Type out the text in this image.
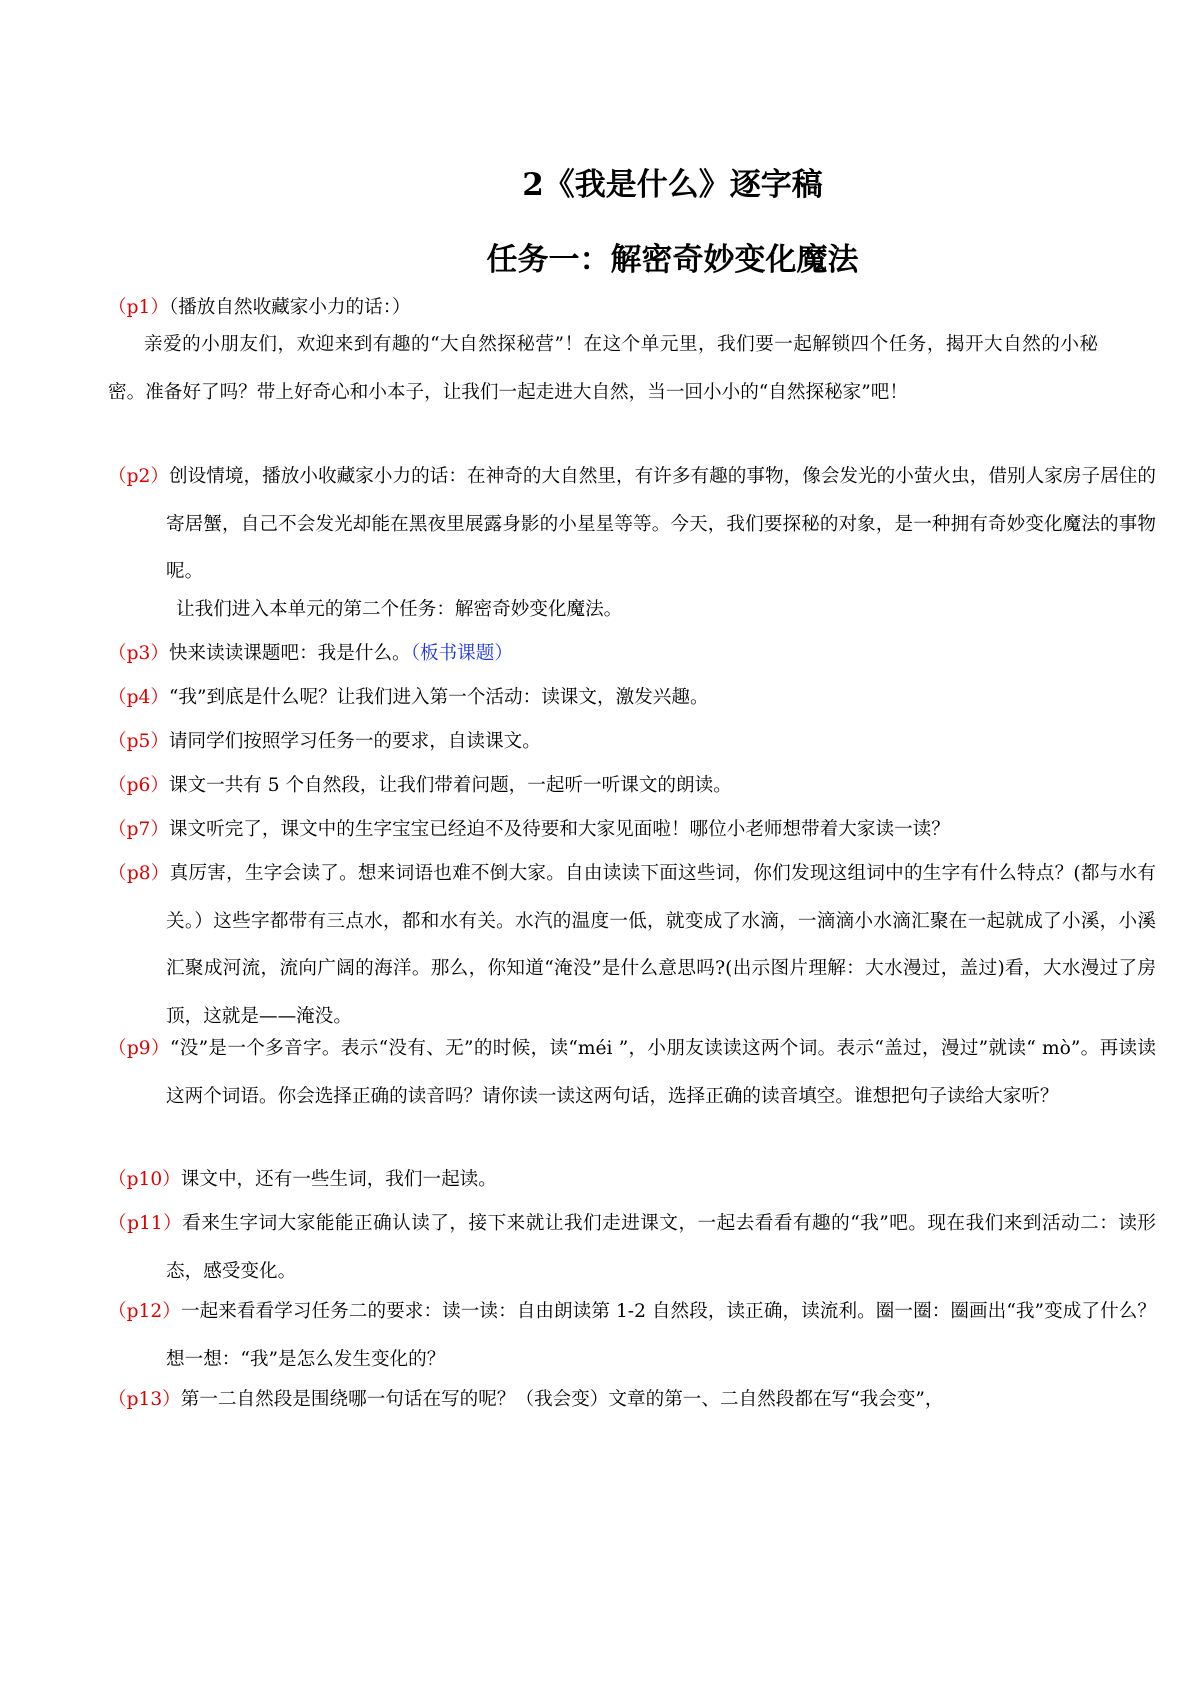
2《我是什么》逐字稿
任务一：解密奇妙变化魔法
（p1）（播放自然收藏家小力的话：）
亲爱的小朋友们，欢迎来到有趣的“大自然探秘营”！在这个单元里，我们要一起解锁四个任务，揭开大自然的小秘密。准备好了吗？带上好奇心和小本子，让我们一起走进大自然，当一回小小的“自然探秘家”吧！
（p2）创设情境，播放小收藏家小力的话：在神奇的大自然里，有许多有趣的事物，像会发光的小萤火虫，借别人家房子居住的寄居蟹，自己不会发光却能在黑夜里展露身影的小星星等等。今天，我们要探秘的对象，是一种拥有奇妙变化魔法的事物呢。
让我们进入本单元的第二个任务：解密奇妙变化魔法。
（p3）快来读读课题吧：我是什么。（板书课题）
（p4）“我”到底是什么呢？让我们进入第一个活动：读课文，激发兴趣。
（p5）请同学们按照学习任务一的要求，自读课文。
（p6）课文一共有 5 个自然段，让我们带着问题，一起听一听课文的朗读。
（p7）课文听完了，课文中的生字宝宝已经迫不及待要和大家见面啦！哪位小老师想带着大家读一读？
（p8）真厉害，生字会读了。想来词语也难不倒大家。自由读读下面这些词，你们发现这组词中的生字有什么特点？(都与水有关。）这些字都带有三点水，都和水有关。水汽的温度一低，就变成了水滴，一滴滴小水滴汇聚在一起就成了小溪，小溪汇聚成河流，流向广阔的海洋。那么，你知道“淹没”是什么意思吗?(出示图片理解：大水漫过，盖过)看，大水漫过了房顶，这就是——淹没。
（p9）“没”是一个多音字。表示“没有、无”的时候，读“méi ”，小朋友读读这两个词。表示“盖过，漫过”就读“ mò”。再读读这两个词语。你会选择正确的读音吗？请你读一读这两句话，选择正确的读音填空。谁想把句子读给大家听？
（p10）课文中，还有一些生词，我们一起读。
（p11）看来生字词大家能能正确认读了，接下来就让我们走进课文，一起去看看有趣的“我”吧。现在我们来到活动二：读形态，感受变化。
（p12）一起来看看学习任务二的要求：读一读：自由朗读第 1-2 自然段，读正确，读流利。圈一圈：圈画出“我”变成了什么？想一想：“我”是怎么发生变化的？
（p13）第一二自然段是围绕哪一句话在写的呢？（我会变）文章的第一、二自然段都在写“我会变”，
